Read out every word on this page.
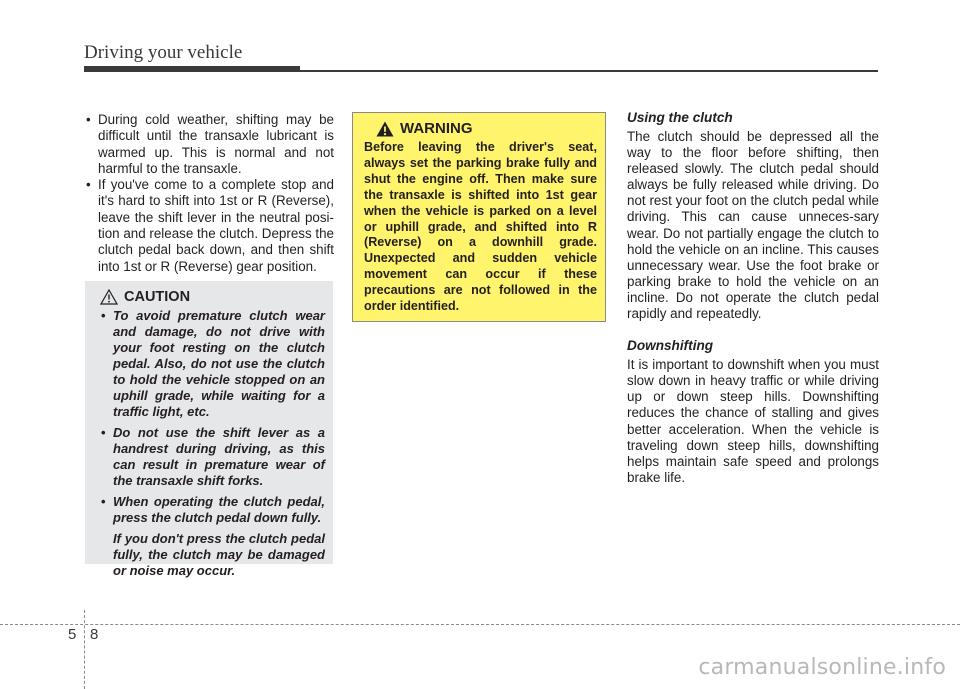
Driving your vehicle
• During cold weather, shifting may be difficult until the transaxle lubricant is warmed up. This is normal and not harmful to the transaxle.
• If you've come to a complete stop and it's hard to shift into 1st or R (Reverse), leave the shift lever in the neutral posi-tion and release the clutch. Depress the clutch pedal back down, and then shift into 1st or R (Reverse) gear position.
CAUTION
• To avoid premature clutch wear and damage, do not drive with your foot resting on the clutch pedal. Also, do not use the clutch to hold the vehicle stopped on an uphill grade, while waiting for a traffic light, etc.
• Do not use the shift lever as a handrest during driving, as this can result in premature wear of the transaxle shift forks.
• When operating the clutch pedal, press the clutch pedal down fully.
If you don't press the clutch pedal fully, the clutch may be damaged or noise may occur.
WARNING

Before leaving the driver's seat, always set the parking brake fully and shut the engine off. Then make sure the transaxle is shifted into 1st gear when the vehicle is parked on a level or uphill grade, and shifted into R (Reverse) on a downhill grade. Unexpected and sudden vehicle movement can occur if these precautions are not followed in the order identified.

Using the clutch

The clutch should be depressed all the way to the floor before shifting, then released slowly. The clutch pedal should always be fully released while driving. Do not rest your foot on the clutch pedal while driving. This can cause unneces-sary wear. Do not partially engage the clutch to hold the vehicle on an incline. This causes unnecessary wear. Use the foot brake or parking brake to hold the vehicle on an incline. Do not operate the clutch pedal rapidly and repeatedly.

Downshifting

It is important to downshift when you must slow down in heavy traffic or while driving up or down steep hills. Downshifting reduces the chance of stalling and gives better acceleration. When the vehicle is traveling down steep hills, downshifting helps maintain safe speed and prolongs brake life.

5 8
carmanualsonline.info
